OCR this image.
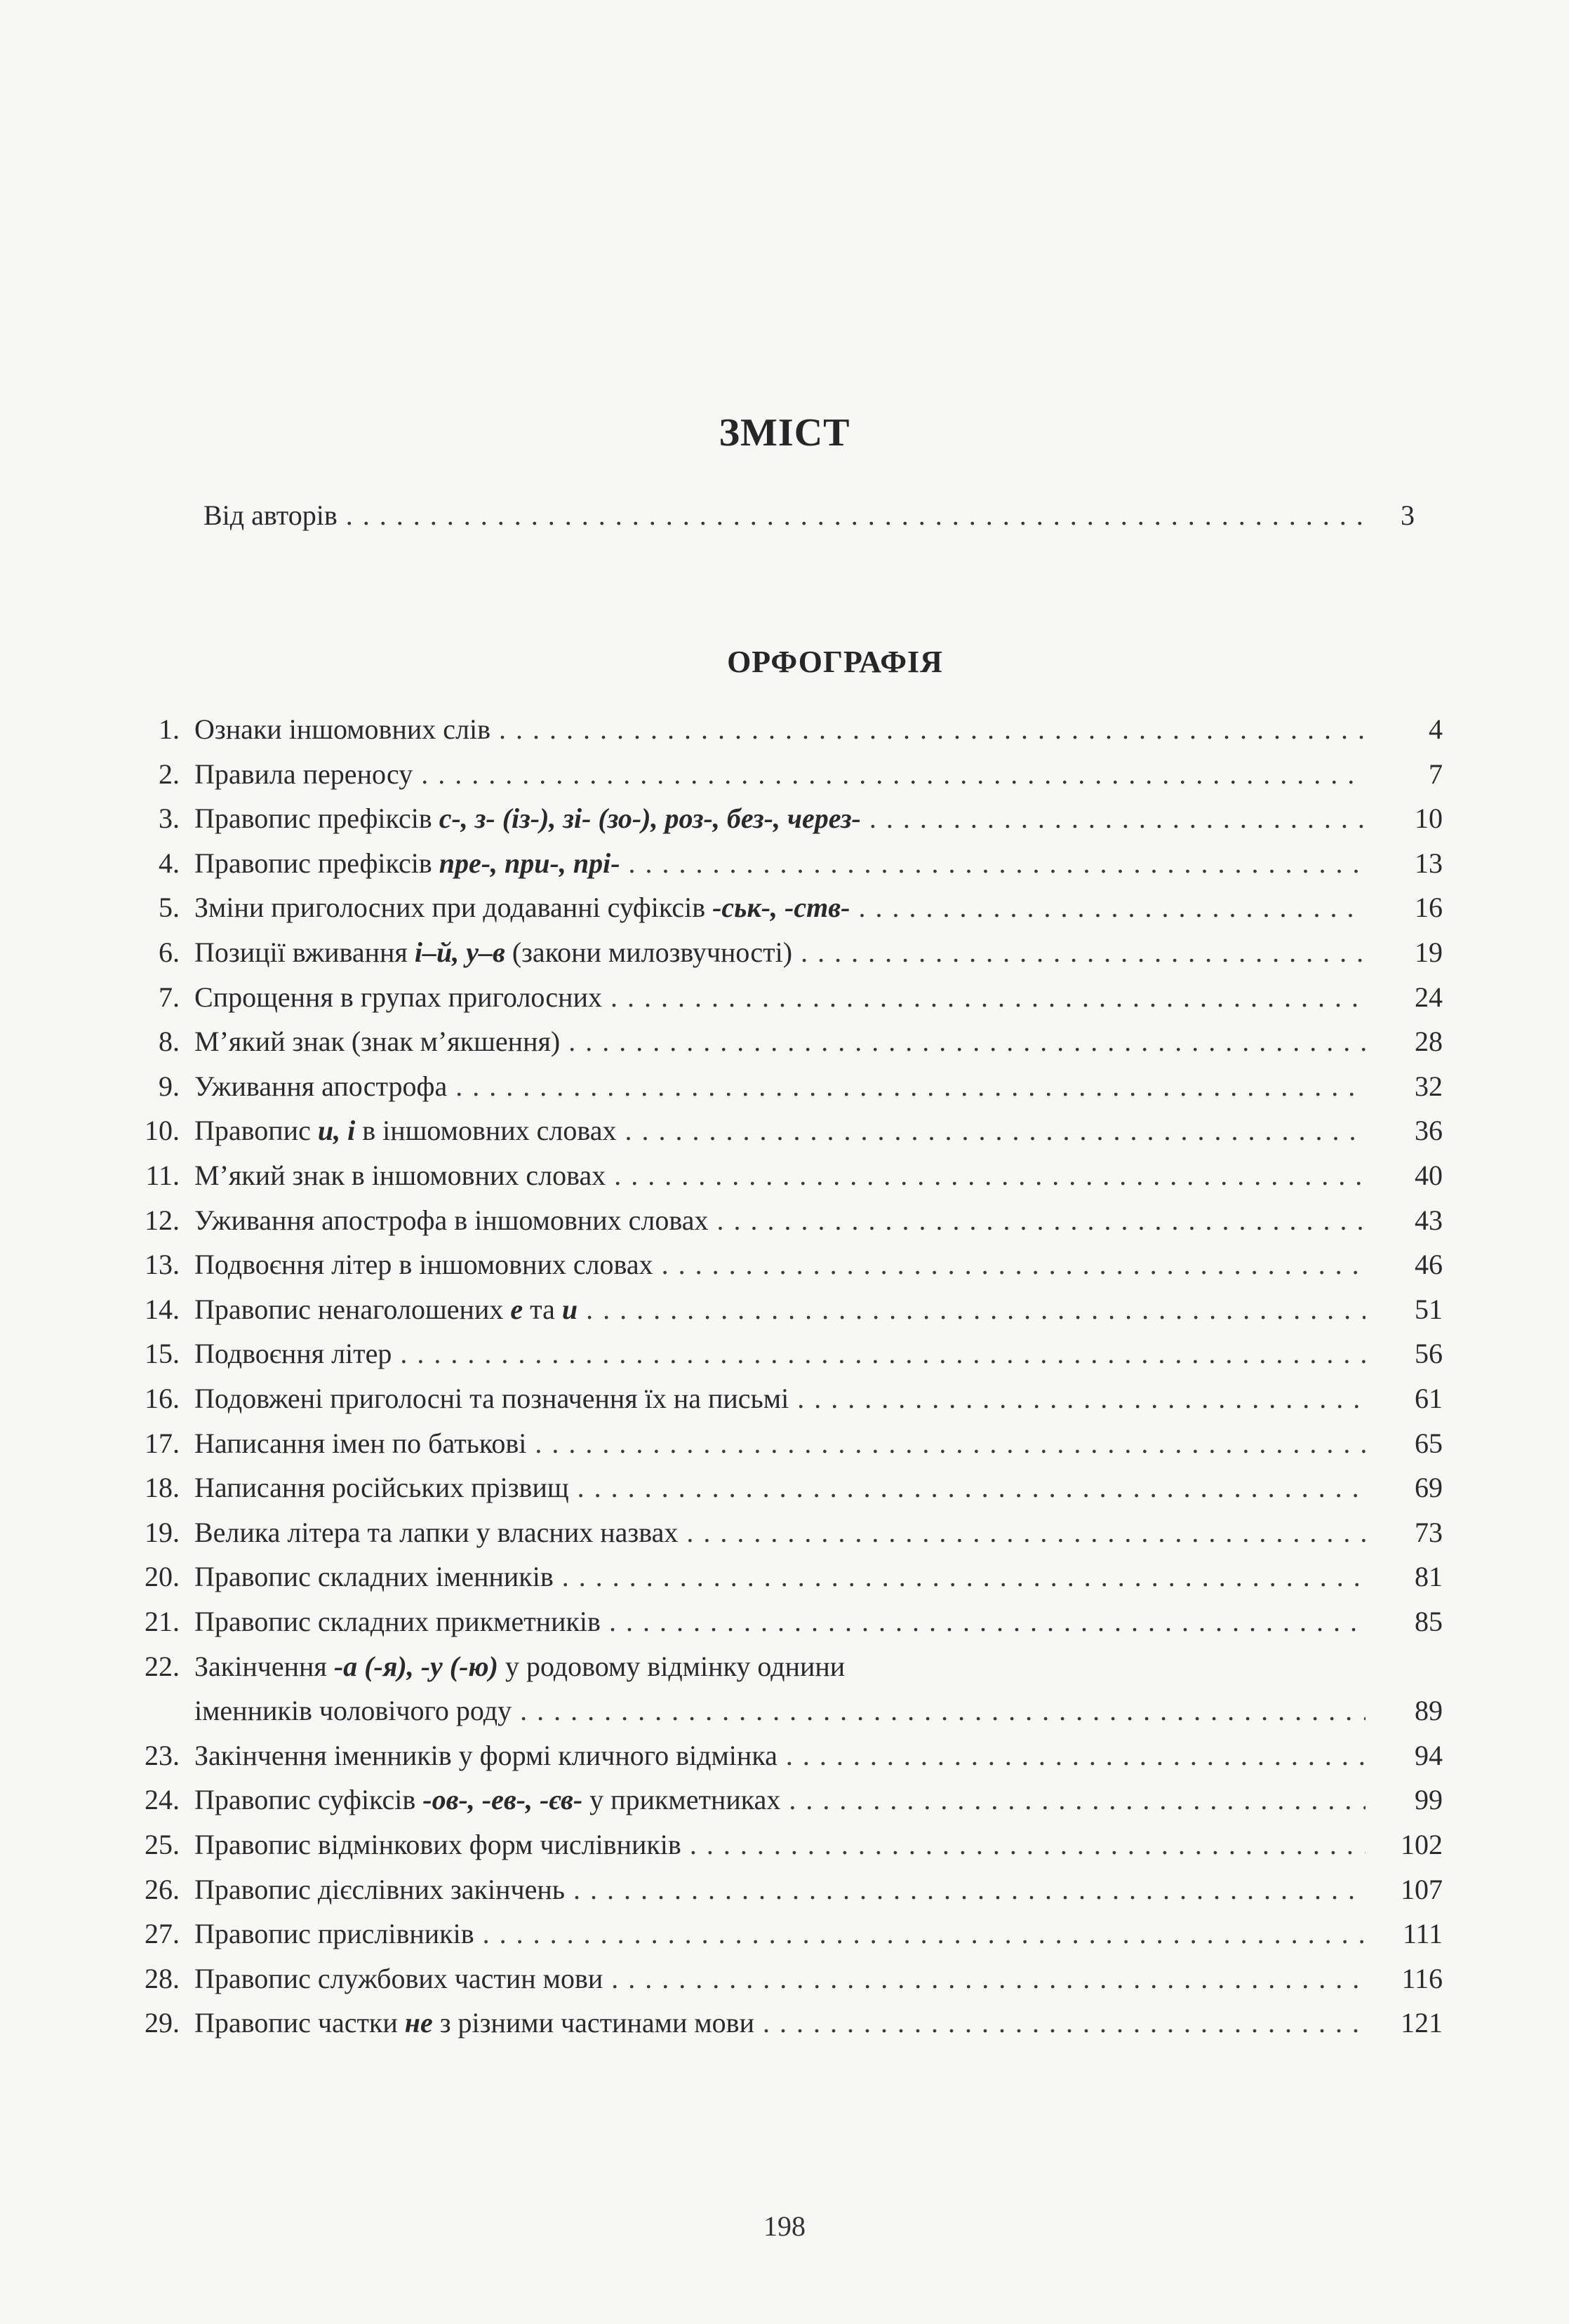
ЗМІСТ
Від авторів . . .	3
ОРФОГРАФІЯ
1. Ознаки іншомовних слів . . .	4
2. Правила переносу . . .	7
3. Правопис префіксів с-, з- (із-), зі- (зо-), роз-, без-, через- . . .	10
4. Правопис префіксів пре-, при-, прі- . . .	13
5. Зміни приголосних при додаванні суфіксів -ськ-, -ств- . . .	16
6. Позиції вживання і–й, у–в (закони милозвучності) . . .	19
7. Спрощення в групах приголосних . . .	24
8. М’який знак (знак м’якшення) . . .	28
9. Уживання апострофа . . .	32
10. Правопис и, і в іншомовних словах . . .	36
11. М’який знак в іншомовних словах . . .	40
12. Уживання апострофа в іншомовних словах . . .	43
13. Подвоєння літер в іншомовних словах . . .	46
14. Правопис ненаголошених е та и . . .	51
15. Подвоєння літер . . .	56
16. Подовжені приголосні та позначення їх на письмі . . .	61
17. Написання імен по батькові . . .	65
18. Написання російських прізвищ . . .	69
19. Велика літера та лапки у власних назвах . . .	73
20. Правопис складних іменників . . .	81
21. Правопис складних прикметників . . .	85
22. Закінчення -а (-я), -у (-ю) у родовому відмінку однини
іменників чоловічого роду . . .	89
23. Закінчення іменників у формі кличного відмінка . . .	94
24. Правопис суфіксів -ов-, -ев-, -єв- у прикметниках . . .	99
25. Правопис відмінкових форм числівників . . .	102
26. Правопис дієслівних закінчень . . .	107
27. Правопис прислівників . . .	111
28. Правопис службових частин мови . . .	116
29. Правопис частки не з різними частинами мови . . .	121
198
